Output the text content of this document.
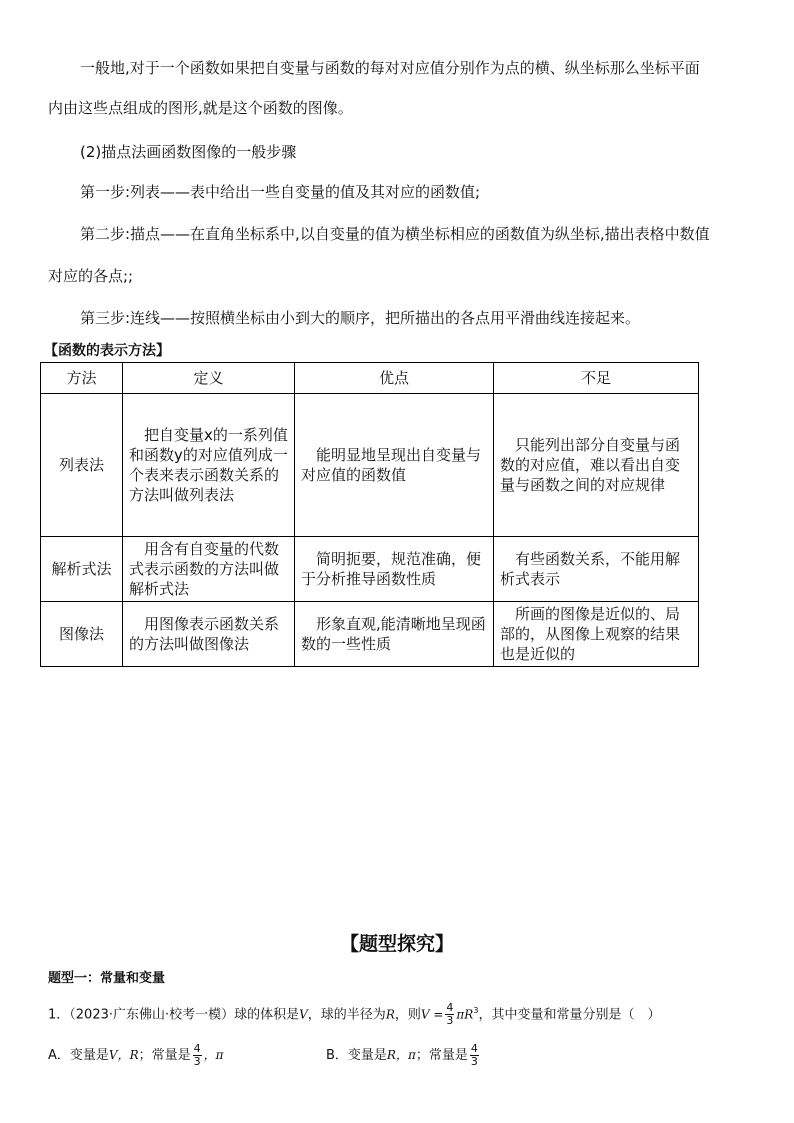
一般地,对于一个函数如果把自变量与函数的每对对应值分别作为点的横、纵坐标那么坐标平面
内由这些点组成的图形,就是这个函数的图像。
(2)描点法画函数图像的一般步骤
第一步:列表——表中给出一些自变量的值及其对应的函数值;
第二步:描点——在直角坐标系中,以自变量的值为横坐标相应的函数值为纵坐标,描出表格中数值
对应的各点;;
第三步:连线——按照横坐标由小到大的顺序，把所描出的各点用平滑曲线连接起来。
【函数的表示方法】
方法	定义	优点	不足
列表法	把自变量x的一系列值和函数y的对应值列成一个表来表示函数关系的方法叫做列表法	能明显地呈现出自变量与对应值的函数值	只能列出部分自变量与函数的对应值，难以看出自变量与函数之间的对应规律
解析式法	用含有自变量的代数式表示函数的方法叫做解析式法	简明扼要，规范准确，便于分析推导函数性质	有些函数关系，不能用解析式表示
图像法	用图像表示函数关系的方法叫做图像法	形象直观,能清晰地呈现函数的一些性质	所画的图像是近似的、局部的，从图像上观察的结果也是近似的
【题型探究】
题型一：常量和变量
1．（2023·广东佛山·校考一模）球的体积是V，球的半径为R，则$V = \frac{4}{3} \pi R^3$，其中变量和常量分别是（　）
A．变量是V，R；常量是 $\frac{4}{3}$ ，π	B．变量是R，π；常量是 $\frac{4}{3}$
